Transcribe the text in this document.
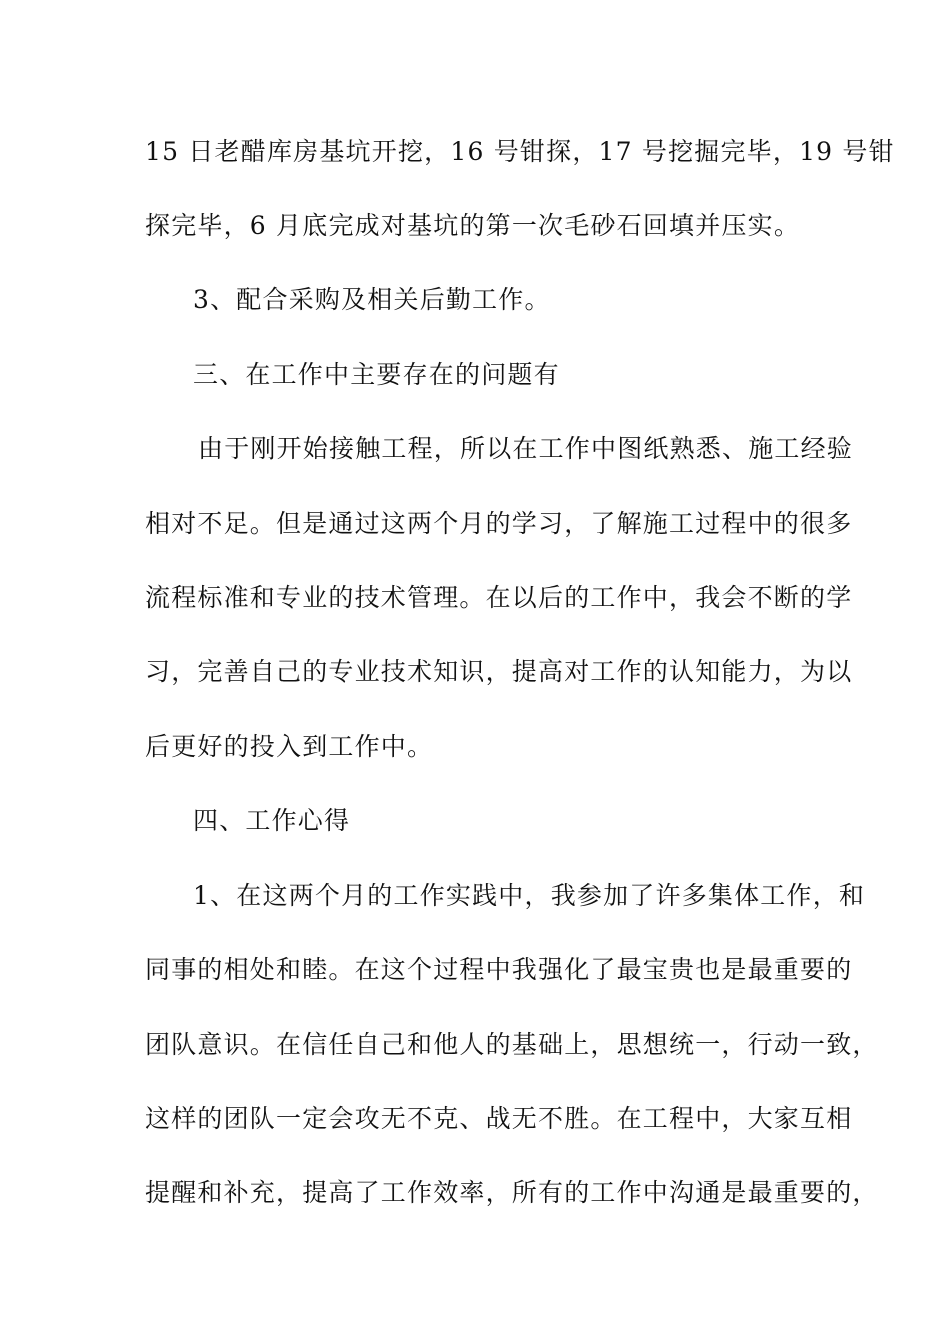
15 日老醋库房基坑开挖，16 号钳探，17 号挖掘完毕，19 号钳
探完毕，6 月底完成对基坑的第一次毛砂石回填并压实。
3、配合采购及相关后勤工作。
三、在工作中主要存在的问题有
由于刚开始接触工程，所以在工作中图纸熟悉、施工经验
相对不足。但是通过这两个月的学习，了解施工过程中的很多
流程标准和专业的技术管理。在以后的工作中，我会不断的学
习，完善自己的专业技术知识，提高对工作的认知能力，为以
后更好的投入到工作中。
四、工作心得
1、在这两个月的工作实践中，我参加了许多集体工作，和
同事的相处和睦。在这个过程中我强化了最宝贵也是最重要的
团队意识。在信任自己和他人的基础上，思想统一，行动一致，
这样的团队一定会攻无不克、战无不胜。在工程中，大家互相
提醒和补充，提高了工作效率，所有的工作中沟通是最重要的，
